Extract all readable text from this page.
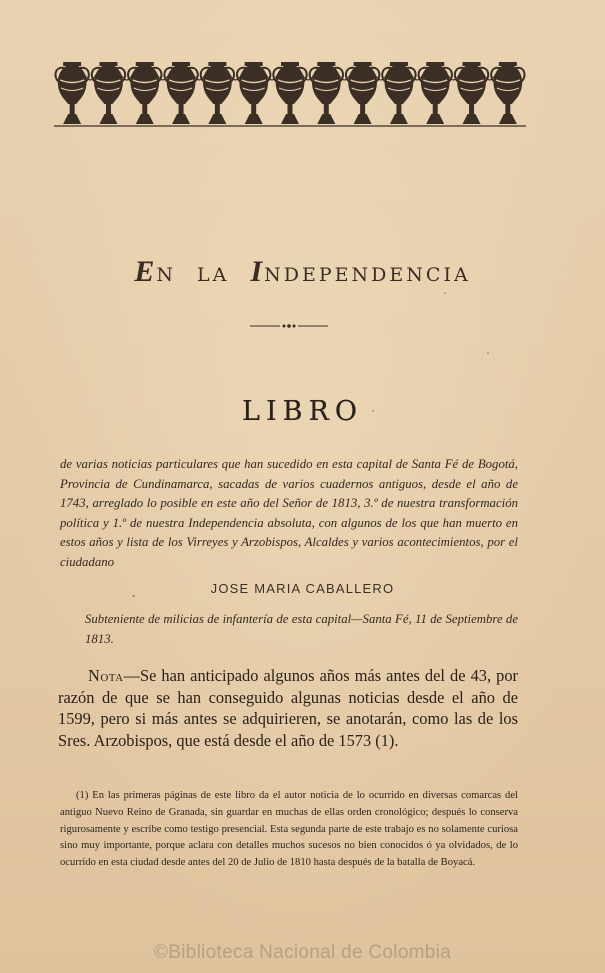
EN LA INDEPENDENCIA
LIBRO

de varias noticias particulares que han sucedido en esta capital de Santa Fé de Bogotá, Provincia de Cundinamarca, sacadas de varios cuadernos antiguos, desde el año de 1743, arreglado lo posible en este año del Señor de 1813, 3.º de nuestra transformación política y 1.º de nuestra Independencia absoluta, con algunos de los que han muerto en estos años y lista de los Virreyes y Arzobispos, Alcaldes y varios acontecimientos, por el ciudadano

JOSE MARIA CABALLERO

Subteniente de milicias de infantería de esta capital—Santa Fé, 11 de Septiembre de 1813.

Nota—Se han anticipado algunos años más antes del de 43, por razón de que se han conseguido algunas noticias desde el año de 1599, pero si más antes se adquirieren, se anotarán, como las de los Sres. Arzobispos, que está desde el año de 1573 (1).

(1) En las primeras páginas de este libro da el autor noticia de lo ocurrido en diversas comarcas del antiguo Nuevo Reino de Granada, sin guardar en muchas de ellas orden cronológico; después lo conserva rigurosamente y escribe como testigo presencial. Esta segunda parte de este trabajo es no solamente curiosa sino muy importante, porque aclara con detalles muchos sucesos no bien conocidos ó ya olvidados, de lo ocurrido en esta ciudad desde antes del 20 de Julio de 1810 hasta después de la batalla de Boyacá.

©Biblioteca Nacional de Colombia
